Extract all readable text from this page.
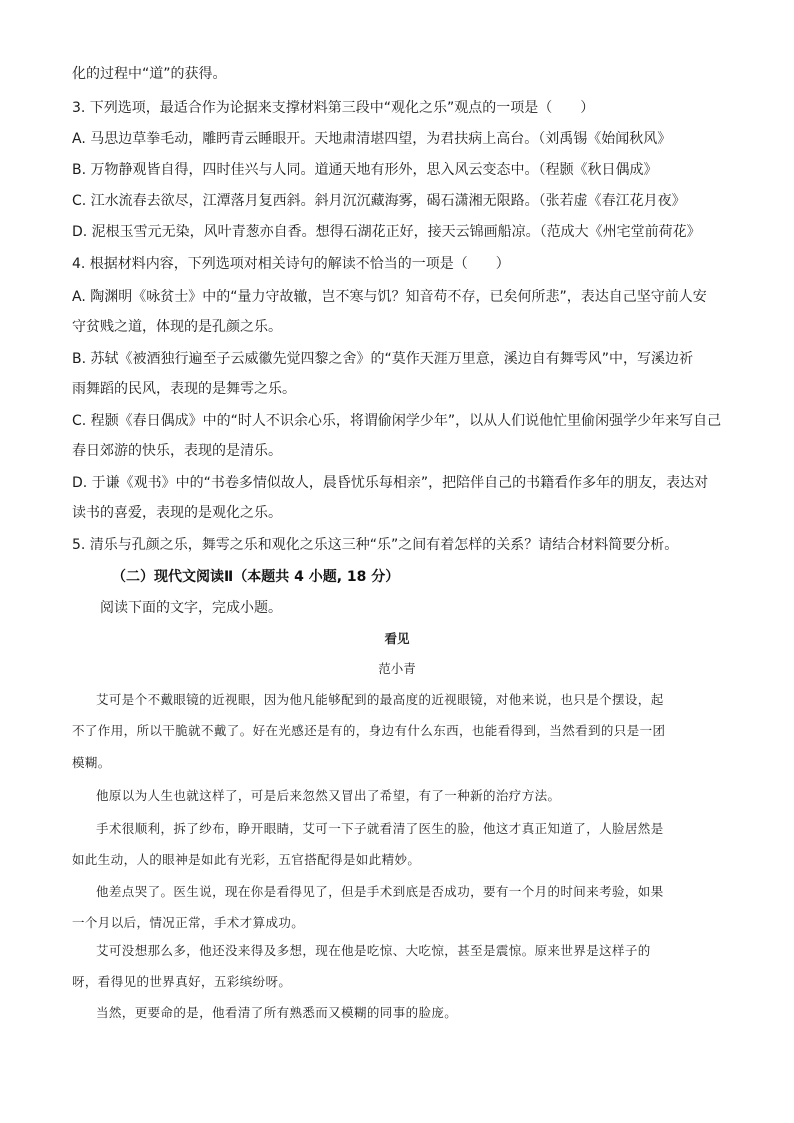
化的过程中“道”的获得。
3. 下列选项，最适合作为论据来支撑材料第三段中“观化之乐”观点的一项是（　　）
A. 马思边草拳毛动，雕眄青云睡眼开。天地肃清堪四望，为君扶病上高台。（刘禹锡《始闻秋风》
B. 万物静观皆自得，四时佳兴与人同。道通天地有形外，思入风云变态中。（程颢《秋日偶成》
C. 江水流春去欲尽，江潭落月复西斜。斜月沉沉藏海雾，碣石潇湘无限路。（张若虚《春江花月夜》
D. 泥根玉雪元无染，风叶青葱亦自香。想得石湖花正好，接天云锦画船凉。（范成大《州宅堂前荷花》
4. 根据材料内容，下列选项对相关诗句的解读不恰当的一项是（　　）
A. 陶渊明《咏贫士》中的“量力守故辙，岂不寒与饥？知音苟不存，已矣何所悲”，表达自己坚守前人安
守贫贱之道，体现的是孔颜之乐。
B. 苏轼《被酒独行遍至子云威徽先觉四黎之舍》的“莫作天涯万里意，溪边自有舞雩风”中，写溪边祈
雨舞蹈的民风，表现的是舞雩之乐。
C. 程颢《春日偶成》中的“时人不识余心乐，将谓偷闲学少年”，以从人们说他忙里偷闲强学少年来写自己
春日郊游的快乐，表现的是清乐。
D. 于谦《观书》中的“书卷多情似故人，晨昏忧乐每相亲”，把陪伴自己的书籍看作多年的朋友，表达对
读书的喜爱，表现的是观化之乐。
5. 清乐与孔颜之乐，舞雩之乐和观化之乐这三种“乐”之间有着怎样的关系？请结合材料简要分析。
（二）现代文阅读Ⅱ（本题共 4 小题, 18 分）
阅读下面的文字，完成小题。
看见
范小青
艾可是个不戴眼镜的近视眼，因为他凡能够配到的最高度的近视眼镜，对他来说，也只是个摆设，起
不了作用，所以干脆就不戴了。好在光感还是有的，身边有什么东西，也能看得到，当然看到的只是一团
模糊。
他原以为人生也就这样了，可是后来忽然又冒出了希望，有了一种新的治疗方法。
手术很顺利，拆了纱布，睁开眼睛，艾可一下子就看清了医生的脸，他这才真正知道了，人脸居然是
如此生动，人的眼神是如此有光彩，五官搭配得是如此精妙。
他差点哭了。医生说，现在你是看得见了，但是手术到底是否成功，要有一个月的时间来考验，如果
一个月以后，情况正常，手术才算成功。
艾可没想那么多，他还没来得及多想，现在他是吃惊、大吃惊，甚至是震惊。原来世界是这样子的
呀，看得见的世界真好，五彩缤纷呀。
当然，更要命的是，他看清了所有熟悉而又模糊的同事的脸庞。
